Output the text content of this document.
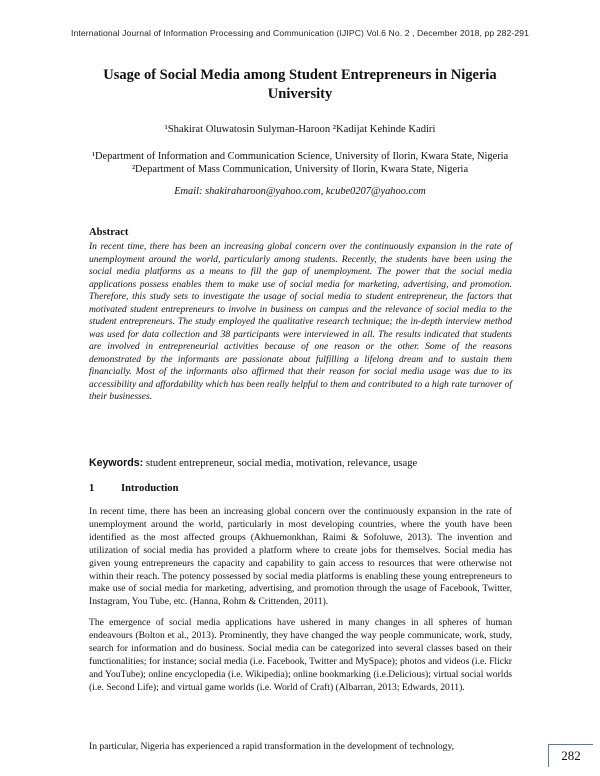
International Journal of Information Processing and Communication (IJIPC) Vol.6 No. 2 , December 2018, pp 282-291
Usage of Social Media among Student Entrepreneurs in Nigeria University
¹Shakirat Oluwatosin Sulyman-Haroon ²Kadijat Kehinde Kadiri
¹Department of Information and Communication Science, University of Ilorin, Kwara State, Nigeria
²Department of Mass Communication, University of Ilorin, Kwara State, Nigeria
Email: shakiraharoon@yahoo.com, kcube0207@yahoo.com
Abstract
In recent time, there has been an increasing global concern over the continuously expansion in the rate of unemployment around the world, particularly among students. Recently, the students have been using the social media platforms as a means to fill the gap of unemployment. The power that the social media applications possess enables them to make use of social media for marketing, advertising, and promotion. Therefore, this study sets to investigate the usage of social media to student entrepreneur, the factors that motivated student entrepreneurs to involve in business on campus and the relevance of social media to the student entrepreneurs. The study employed the qualitative research technique; the in-depth interview method was used for data collection and 38 participants were interviewed in all. The results indicated that students are involved in entrepreneurial activities because of one reason or the other. Some of the reasons demonstrated by the informants are passionate about fulfilling a lifelong dream and to sustain them financially. Most of the informants also affirmed that their reason for social media usage was due to its accessibility and affordability which has been really helpful to them and contributed to a high rate turnover of their businesses.
Keywords: student entrepreneur, social media, motivation, relevance, usage
1	Introduction
In recent time, there has been an increasing global concern over the continuously expansion in the rate of unemployment around the world, particularly in most developing countries, where the youth have been identified as the most affected groups (Akhuemonkhan, Raimi & Sofoluwe, 2013). The invention and utilization of social media has provided a platform where to create jobs for themselves. Social media has given young entrepreneurs the capacity and capability to gain access to resources that were otherwise not within their reach. The potency possessed by social media platforms is enabling these young entrepreneurs to make use of social media for marketing, advertising, and promotion through the usage of Facebook, Twitter, Instagram, You Tube, etc. (Hanna, Rohm & Crittenden, 2011).
The emergence of social media applications have ushered in many changes in all spheres of human endeavours (Bolton et al., 2013). Prominently, they have changed the way people communicate, work, study, search for information and do business. Social media can be categorized into several classes based on their functionalities; for instance; social media (i.e. Facebook, Twitter and MySpace); photos and videos (i.e. Flickr and YouTube); online encyclopedia (i.e. Wikipedia); online bookmarking (i.e.Delicious); virtual social worlds (i.e. Second Life); and virtual game worlds (i.e. World of Craft) (Albarran, 2013; Edwards, 2011).
In particular, Nigeria has experienced a rapid transformation in the development of technology,
282
